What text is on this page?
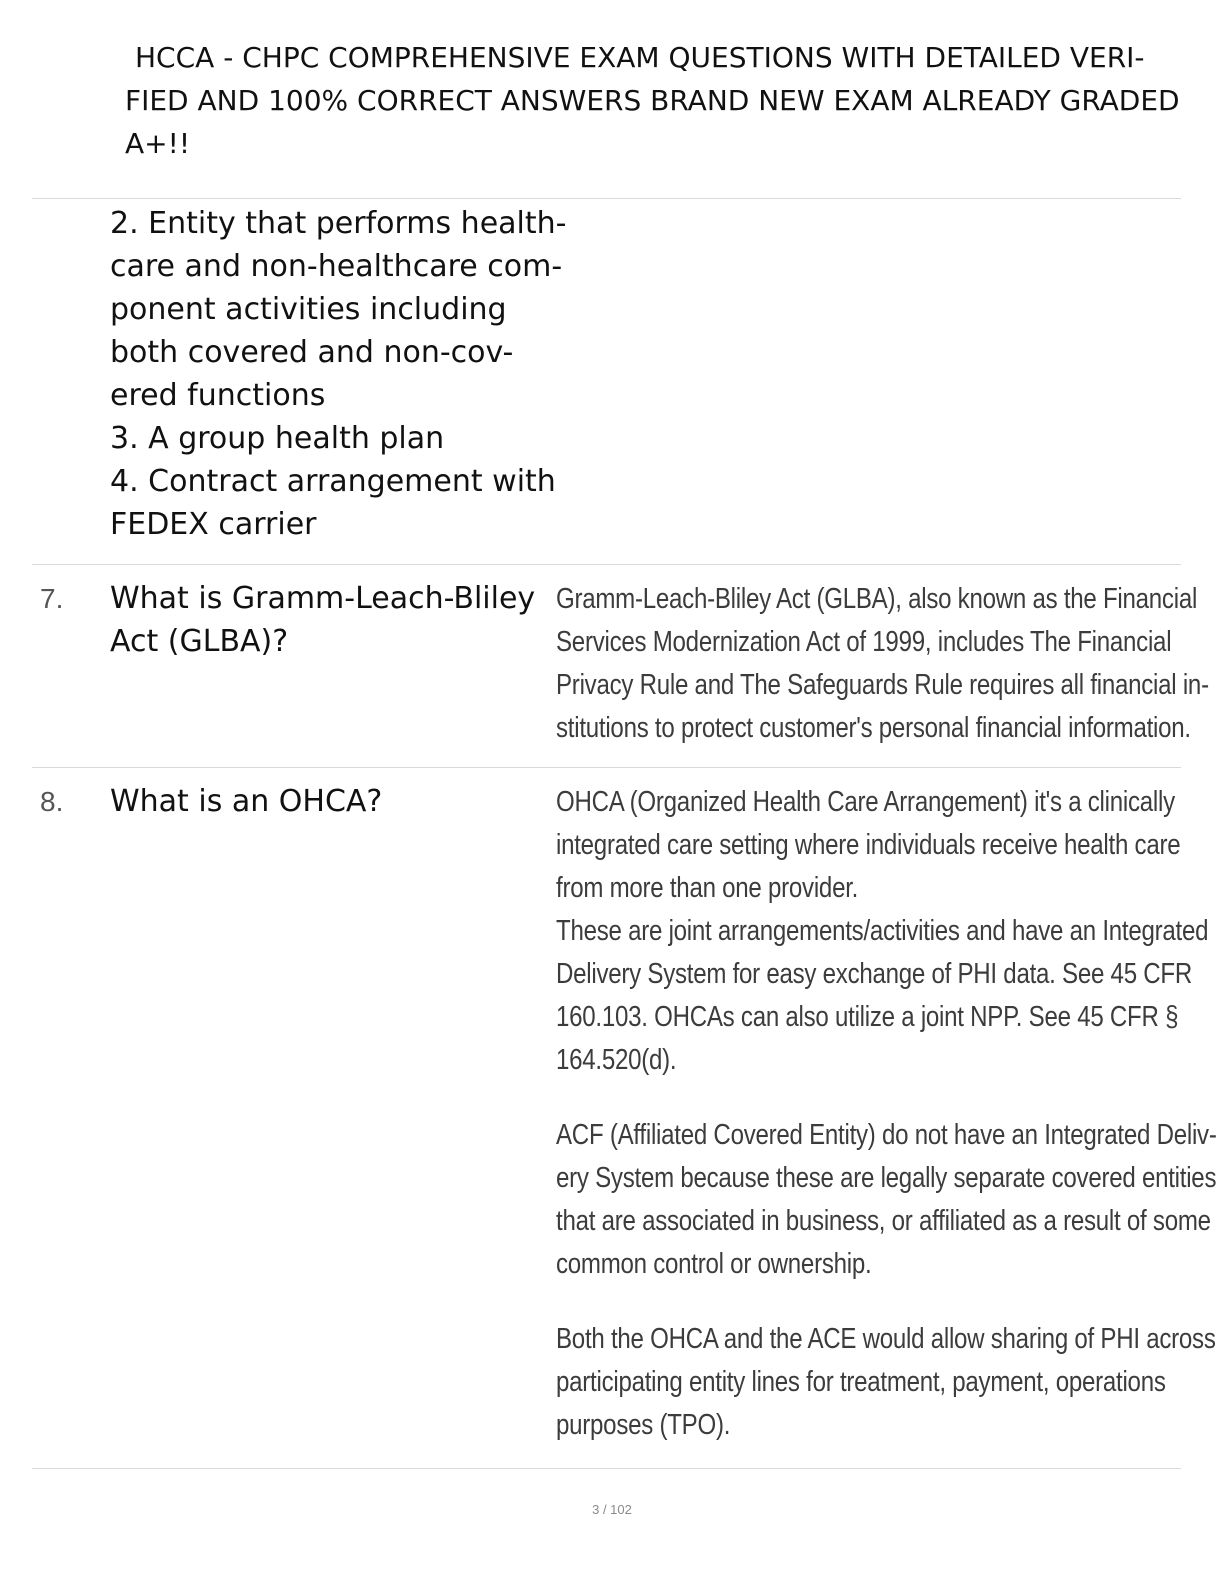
HCCA - CHPC COMPREHENSIVE EXAM QUESTIONS WITH DETAILED VERI-
FIED AND 100% CORRECT ANSWERS BRAND NEW EXAM ALREADY GRADED
A+!!
2. Entity that performs health-
care and non-healthcare com-
ponent activities including
both covered and non-cov-
ered functions
3. A group health plan
4. Contract arrangement with
FEDEX carrier
7. What is Gramm-Leach-Bliley
Act (GLBA)?
Gramm-Leach-Bliley Act (GLBA), also known as the Financial
Services Modernization Act of 1999, includes The Financial
Privacy Rule and The Safeguards Rule requires all financial in-
stitutions to protect customer's personal financial information.
8. What is an OHCA?	OHCA (Organized Health Care Arrangement) it's a clinically
integrated care setting where individuals receive health care
from more than one provider.
These are joint arrangements/activities and have an Integrated
Delivery System for easy exchange of PHI data. See 45 CFR
160.103. OHCAs can also utilize a joint NPP. See 45 CFR §
164.520(d).
ACF (Affiliated Covered Entity) do not have an Integrated Deliv-
ery System because these are legally separate covered entities
that are associated in business, or affiliated as a result of some
common control or ownership.
Both the OHCA and the ACE would allow sharing of PHI across
participating entity lines for treatment, payment, operations
purposes (TPO).
3 / 102
